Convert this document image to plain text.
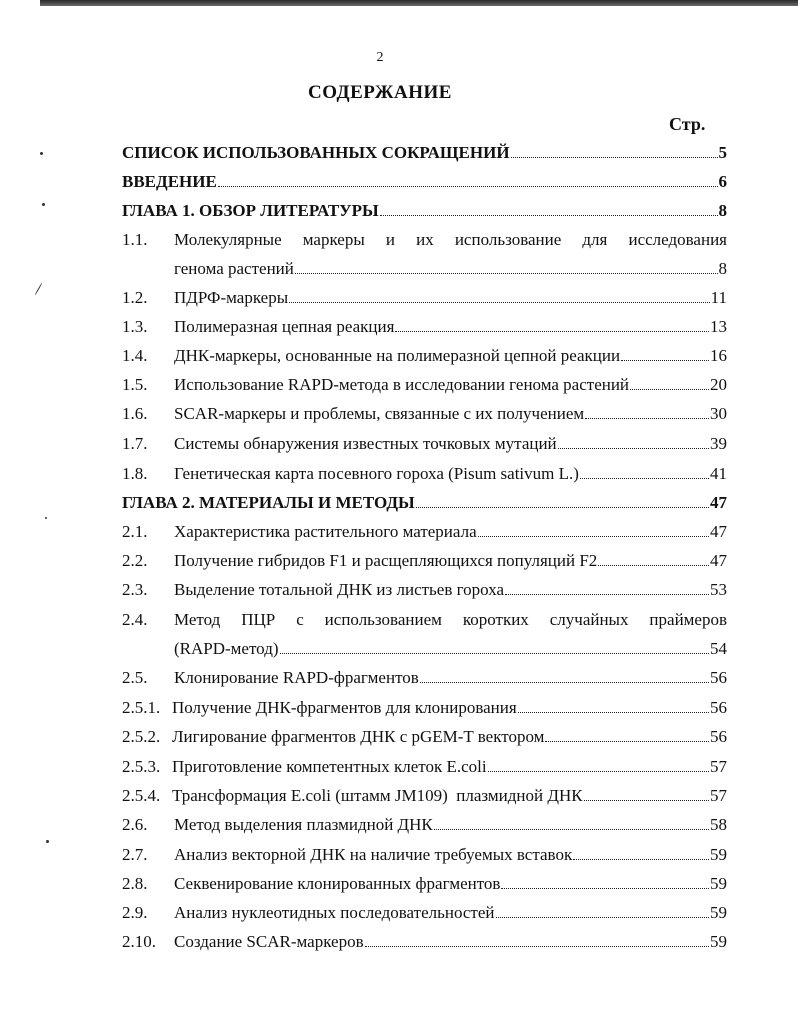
2
СОДЕРЖАНИЕ
Стр.
СПИСОК ИСПОЛЬЗОВАННЫХ СОКРАЩЕНИЙ	5
ВВЕДЕНИЕ	6
ГЛАВА 1. ОБЗОР ЛИТЕРАТУРЫ	8
1.1.	Молекулярные маркеры и их использование для исследования
генома растений	8
1.2.	ПДРФ-маркеры	11
1.3.	Полимеразная цепная реакция	13
1.4.	ДНК-маркеры, основанные на полимеразной цепной реакции	16
1.5.	Использование RAPD-метода в исследовании генома растений	20
1.6.	SCAR-маркеры и проблемы, связанные с их получением	30
1.7.	Системы обнаружения известных точковых мутаций	39
1.8.	Генетическая карта посевного гороха (Pisum sativum L.)	41
ГЛАВА 2. МАТЕРИАЛЫ И МЕТОДЫ	47
2.1.	Характеристика растительного материала	47
2.2.	Получение гибридов F1 и расщепляющихся популяций F2	47
2.3.	Выделение тотальной ДНК из листьев гороха	53
2.4.	Метод ПЦР с использованием коротких случайных праймеров
(RAPD-метод)	54
2.5.	Клонирование RAPD-фрагментов	56
2.5.1. Получение ДНК-фрагментов для клонирования	56
2.5.2. Лигирование фрагментов ДНК с pGEM-T вектором	56
2.5.3. Приготовление компетентных клеток E.coli	57
2.5.4. Трансформация E.coli (штамм JM109)  плазмидной ДНК	57
2.6.	Метод выделения плазмидной ДНК	58
2.7.	Анализ векторной ДНК на наличие требуемых вставок	59
2.8.	Секвенирование клонированных фрагментов	59
2.9.	Анализ нуклеотидных последовательностей	59
2.10.	Создание SCAR-маркеров	59
